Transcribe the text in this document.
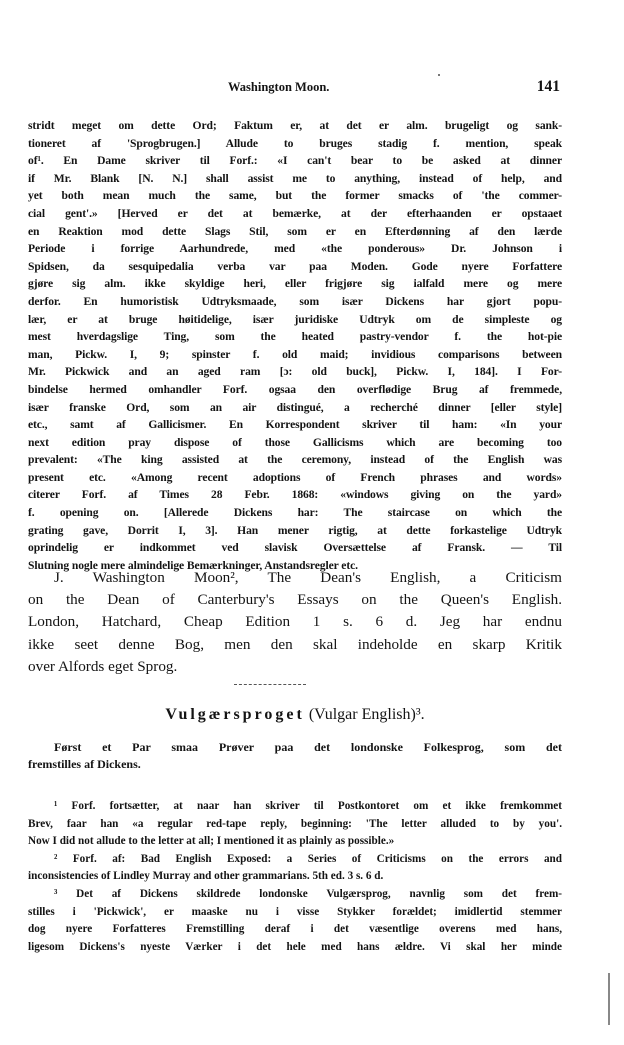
Washington Moon.	141
stridt meget om dette Ord; Faktum er, at det er alm. brugeligt og sank-
tioneret af 'Sprogbrugen.] Allude to bruges stadig f. mention, speak
of¹. En Dame skriver til Forf.: «I can't bear to be asked at dinner
if Mr. Blank [N. N.] shall assist me to anything, instead of help, and
yet both mean much the same, but the former smacks of 'the commer-
cial gent'.» [Herved er det at bemærke, at der efterhaanden er opstaaet
en Reaktion mod dette Slags Stil, som er en Efterdønning af den lærde
Periode i forrige Aarhundrede, med «the ponderous» Dr. Johnson i
Spidsen, da sesquipedalia verba var paa Moden. Gode nyere Forfattere
gjøre sig alm. ikke skyldige heri, eller frigjøre sig ialfald mere og mere
derfor. En humoristisk Udtryksmaade, som især Dickens har gjort popu-
lær, er at bruge høitidelige, især juridiske Udtryk om de simpleste og
mest hverdagslige Ting, som the heated pastry-vendor f. the hot-pie
man, Pickw. I, 9; spinster f. old maid; invidious comparisons between
Mr. Pickwick and an aged ram [ɔ: old buck], Pickw. I, 184]. I For-
bindelse hermed omhandler Forf. ogsaa den overflødige Brug af fremmede,
især franske Ord, som an air distingué, a recherché dinner [eller style]
etc., samt af Gallicismer. En Korrespondent skriver til ham: «In your
next edition pray dispose of those Gallicisms which are becoming too
prevalent: «The king assisted at the ceremony, instead of the English was
present etc. «Among recent adoptions of French phrases and words»
citerer Forf. af Times 28 Febr. 1868: «windows giving on the yard»
f. opening on. [Allerede Dickens har: The staircase on which the
grating gave, Dorrit I, 3]. Han mener rigtig, at dette forkastelige Udtryk
oprindelig er indkommet ved slavisk Oversættelse af Fransk. — Til
Slutning nogle mere almindelige Bemærkninger, Anstandsregler etc.
J. Washington Moon², The Dean's English, a Criticism
on the Dean of Canterbury's Essays on the Queen's English.
London, Hatchard, Cheap Edition 1 s. 6 d. Jeg har endnu
ikke seet denne Bog, men den skal indeholde en skarp Kritik
over Alfords eget Sprog.
Vulgærsproget (Vulgar English)³.
Først et Par smaa Prøver paa det londonske Folkesprog, som det
fremstilles af Dickens.
¹ Forf. fortsætter, at naar han skriver til Postkontoret om et ikke fremkommet
Brev, faar han «a regular red-tape reply, beginning: 'The letter alluded to by you'.
Now I did not allude to the letter at all; I mentioned it as plainly as possible.»
² Forf. af: Bad English Exposed: a Series of Criticisms on the errors and
inconsistencies of Lindley Murray and other grammarians. 5th ed. 3 s. 6 d.
³ Det af Dickens skildrede londonske Vulgærsprog, navnlig som det frem-
stilles i 'Pickwick', er maaske nu i visse Stykker forældet; imidlertid stemmer
dog nyere Forfatteres Fremstilling deraf i det væsentlige overens med hans,
ligesom Dickens's nyeste Værker i det hele med hans ældre. Vi skal her minde
